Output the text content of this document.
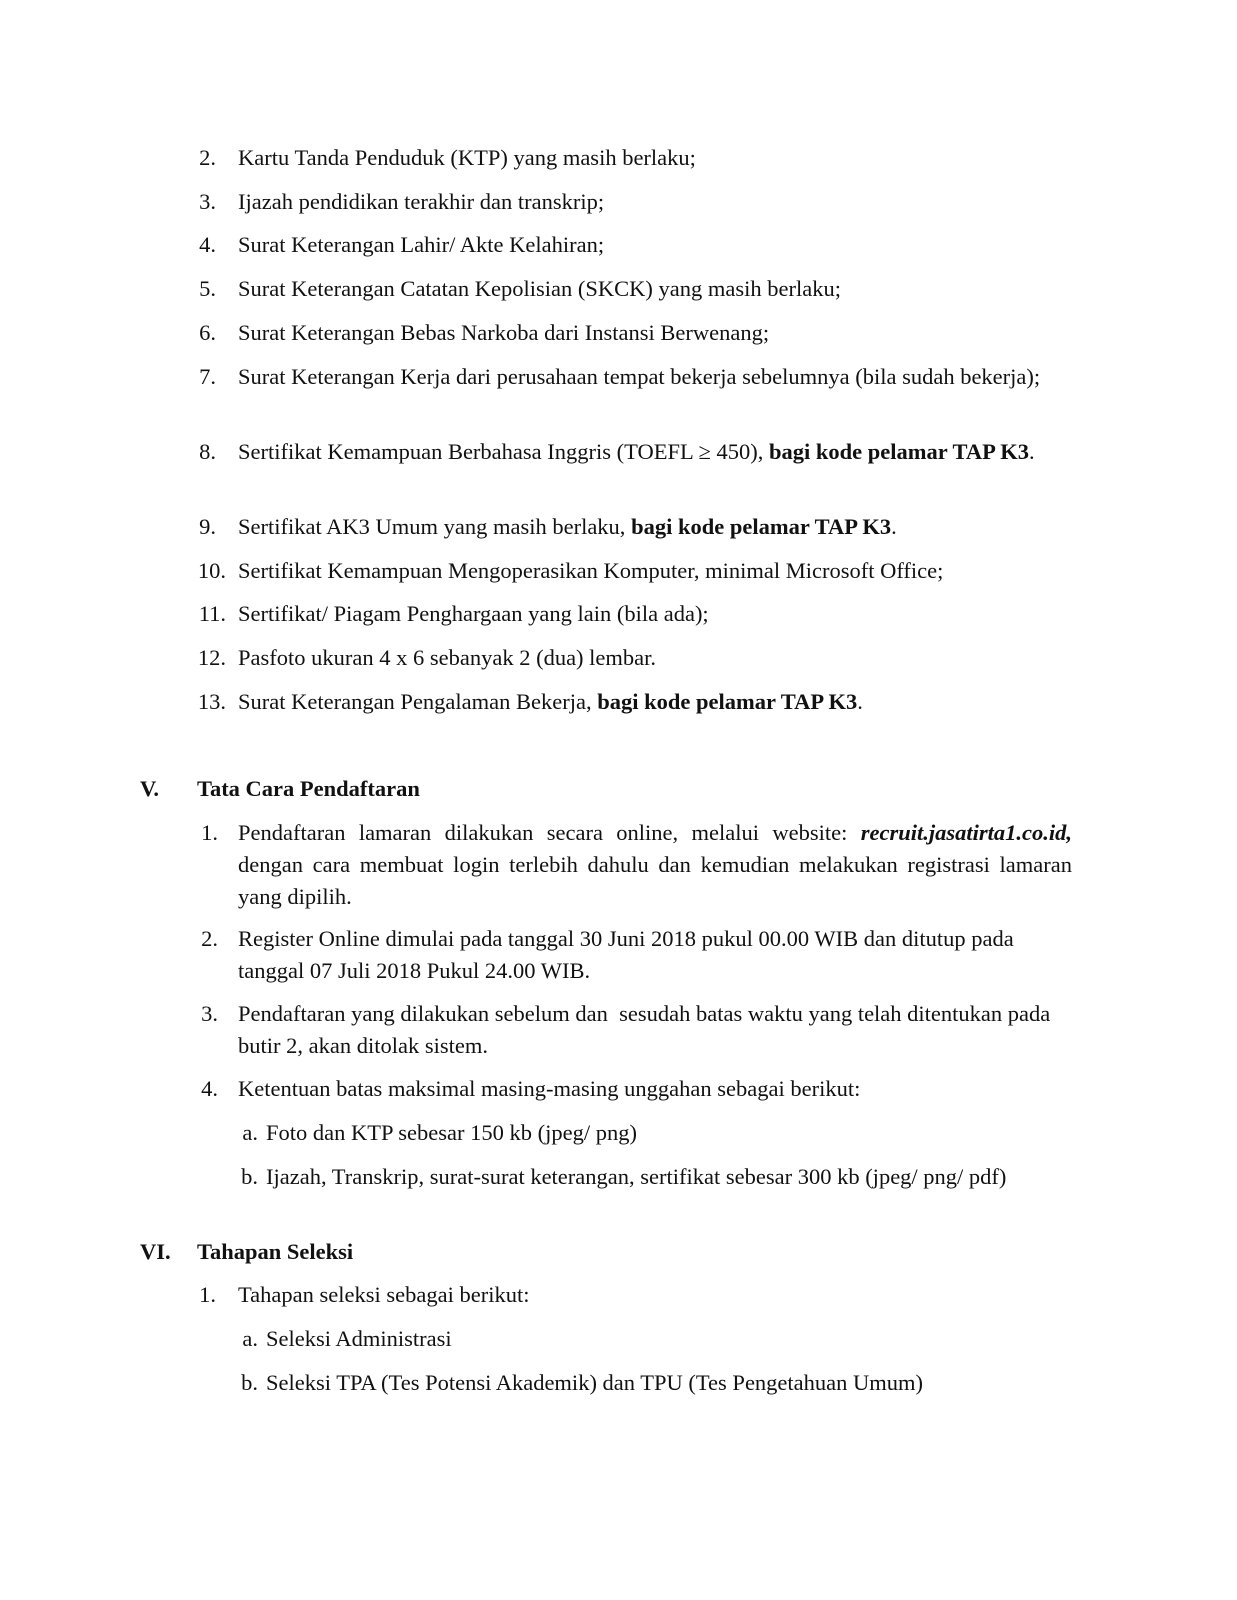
2. Kartu Tanda Penduduk (KTP) yang masih berlaku;
3. Ijazah pendidikan terakhir dan transkrip;
4. Surat Keterangan Lahir/ Akte Kelahiran;
5. Surat Keterangan Catatan Kepolisian (SKCK) yang masih berlaku;
6. Surat Keterangan Bebas Narkoba dari Instansi Berwenang;
7. Surat Keterangan Kerja dari perusahaan tempat bekerja sebelumnya (bila sudah bekerja);
8. Sertifikat Kemampuan Berbahasa Inggris (TOEFL ≥ 450), bagi kode pelamar TAP K3.
9. Sertifikat AK3 Umum yang masih berlaku, bagi kode pelamar TAP K3.
10. Sertifikat Kemampuan Mengoperasikan Komputer, minimal Microsoft Office;
11. Sertifikat/ Piagam Penghargaan yang lain (bila ada);
12. Pasfoto ukuran 4 x 6 sebanyak 2 (dua) lembar.
13. Surat Keterangan Pengalaman Bekerja, bagi kode pelamar TAP K3.
V. Tata Cara Pendaftaran
1. Pendaftaran lamaran dilakukan secara online, melalui website: recruit.jasatirta1.co.id, dengan cara membuat login terlebih dahulu dan kemudian melakukan registrasi lamaran yang dipilih.
2. Register Online dimulai pada tanggal 30 Juni 2018 pukul 00.00 WIB dan ditutup pada tanggal 07 Juli 2018 Pukul 24.00 WIB.
3. Pendaftaran yang dilakukan sebelum dan  sesudah batas waktu yang telah ditentukan pada butir 2, akan ditolak sistem.
4. Ketentuan batas maksimal masing-masing unggahan sebagai berikut:
a. Foto dan KTP sebesar 150 kb (jpeg/ png)
b. Ijazah, Transkrip, surat-surat keterangan, sertifikat sebesar 300 kb (jpeg/ png/ pdf)
VI. Tahapan Seleksi
1. Tahapan seleksi sebagai berikut:
a. Seleksi Administrasi
b. Seleksi TPA (Tes Potensi Akademik) dan TPU (Tes Pengetahuan Umum)
